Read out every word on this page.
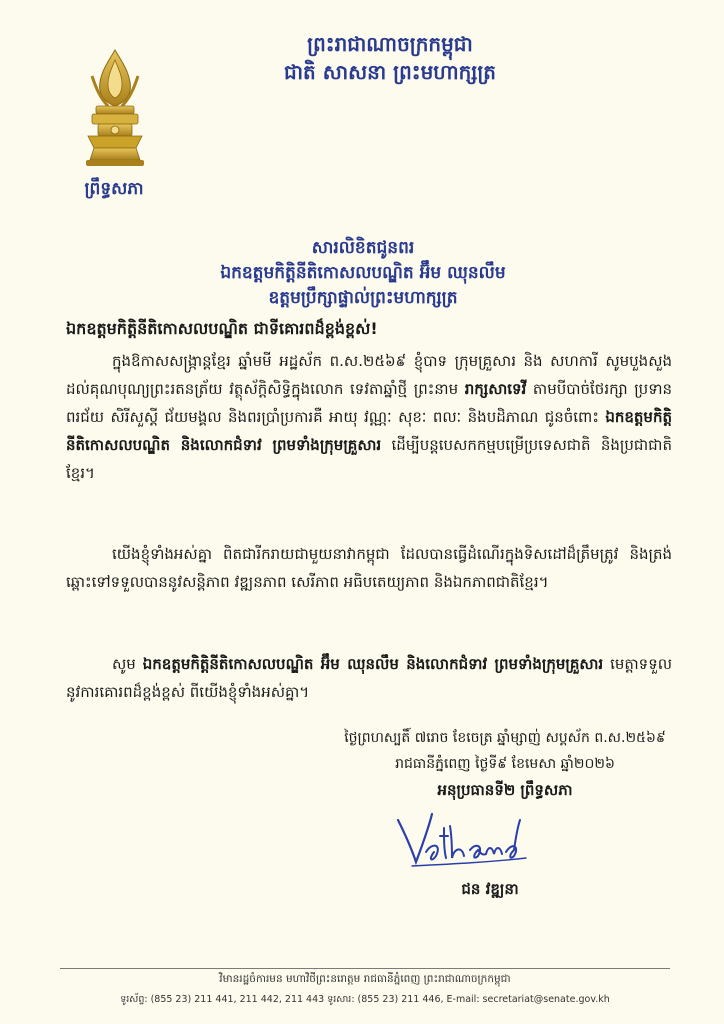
ព្រឹទ្ធសភា
ព្រះរាជាណាចក្រកម្ពុជា
ជាតិ សាសនា ព្រះមហាក្សត្រ
សារលិខិតជូនពរ
ឯកឧត្តមកិត្តិនីតិកោសលបណ្ឌិត អ៊ឹម ឈុនលឹម
ឧត្តមប្រឹក្សាផ្ទាល់ព្រះមហាក្សត្រ
ឯកឧត្តមកិត្តិនីតិកោសលបណ្ឌិត ជាទីគោរពដ៏ខ្ពង់ខ្ពស់!
ក្នុងឱកាសសង្ក្រាន្តខ្មែរ ឆ្នាំមមី អដ្ឋស័ក ព.ស.២៥៦៩ ខ្ញុំបាទ ក្រុមគ្រួសារ និង សហការី សូមបួងសួងដល់គុណបុណ្យព្រះរតនត្រ័យ វត្ថុស័ក្តិសិទ្ធិក្នុងលោក ទេវតាឆ្នាំថ្មី ព្រះនាម រាក្សសាទេវី តាមបីបាច់ថែរក្សា ប្រទានពរជ័យ សិរីសួស្តី ជ័យមង្គល និងពរប្រាំប្រការគឺ អាយុ វណ្ណៈ សុខៈ ពលៈ និងបដិភាណ ជូនចំពោះ ឯកឧត្តមកិត្តិនីតិកោសលបណ្ឌិត និងលោកជំទាវ ព្រមទាំងក្រុមគ្រួសារ ដើម្បីបន្តបេសកកម្មបម្រើប្រទេសជាតិ និងប្រជាជាតិខ្មែរ។
យើងខ្ញុំទាំងអស់គ្នា ពិតជារីករាយជាមួយនាវាកម្ពុជា ដែលបានធ្វើដំណើរក្នុងទិសដៅដ៏ត្រឹមត្រូវ និងត្រង់ឆ្ពោះទៅទទួលបាននូវសន្តិភាព វឌ្ឍនភាព សេរីភាព អធិបតេយ្យភាព និងឯកភាពជាតិខ្មែរ។
សូម ឯកឧត្តមកិត្តិនីតិកោសលបណ្ឌិត អ៊ឹម ឈុនលឹម និងលោកជំទាវ ព្រមទាំងក្រុមគ្រួសារ មេត្តាទទួលនូវការគោរពដ៏ខ្ពង់ខ្ពស់ ពីយើងខ្ញុំទាំងអស់គ្នា។
ថ្ងៃព្រហស្បតិ៍ ៧រោច ខែចេត្រ ឆ្នាំម្សាញ់ សប្តស័ក ព.ស.២៥៦៩
រាជធានីភ្នំពេញ ថ្ងៃទី៩ ខែមេសា ឆ្នាំ២០២៦
អនុប្រធានទី២ ព្រឹទ្ធសភា
ជន វឌ្ឍនា
វិមានរដ្ឋចំការមន មហាវិថីព្រះនរោត្តម រាជធានីភ្នំពេញ ព្រះរាជាណាចក្រកម្ពុជា
ទូរស័ព្ទ: (855 23) 211 441, 211 442, 211 443 ទូរសារ: (855 23) 211 446, E-mail: secretariat@senate.gov.kh
